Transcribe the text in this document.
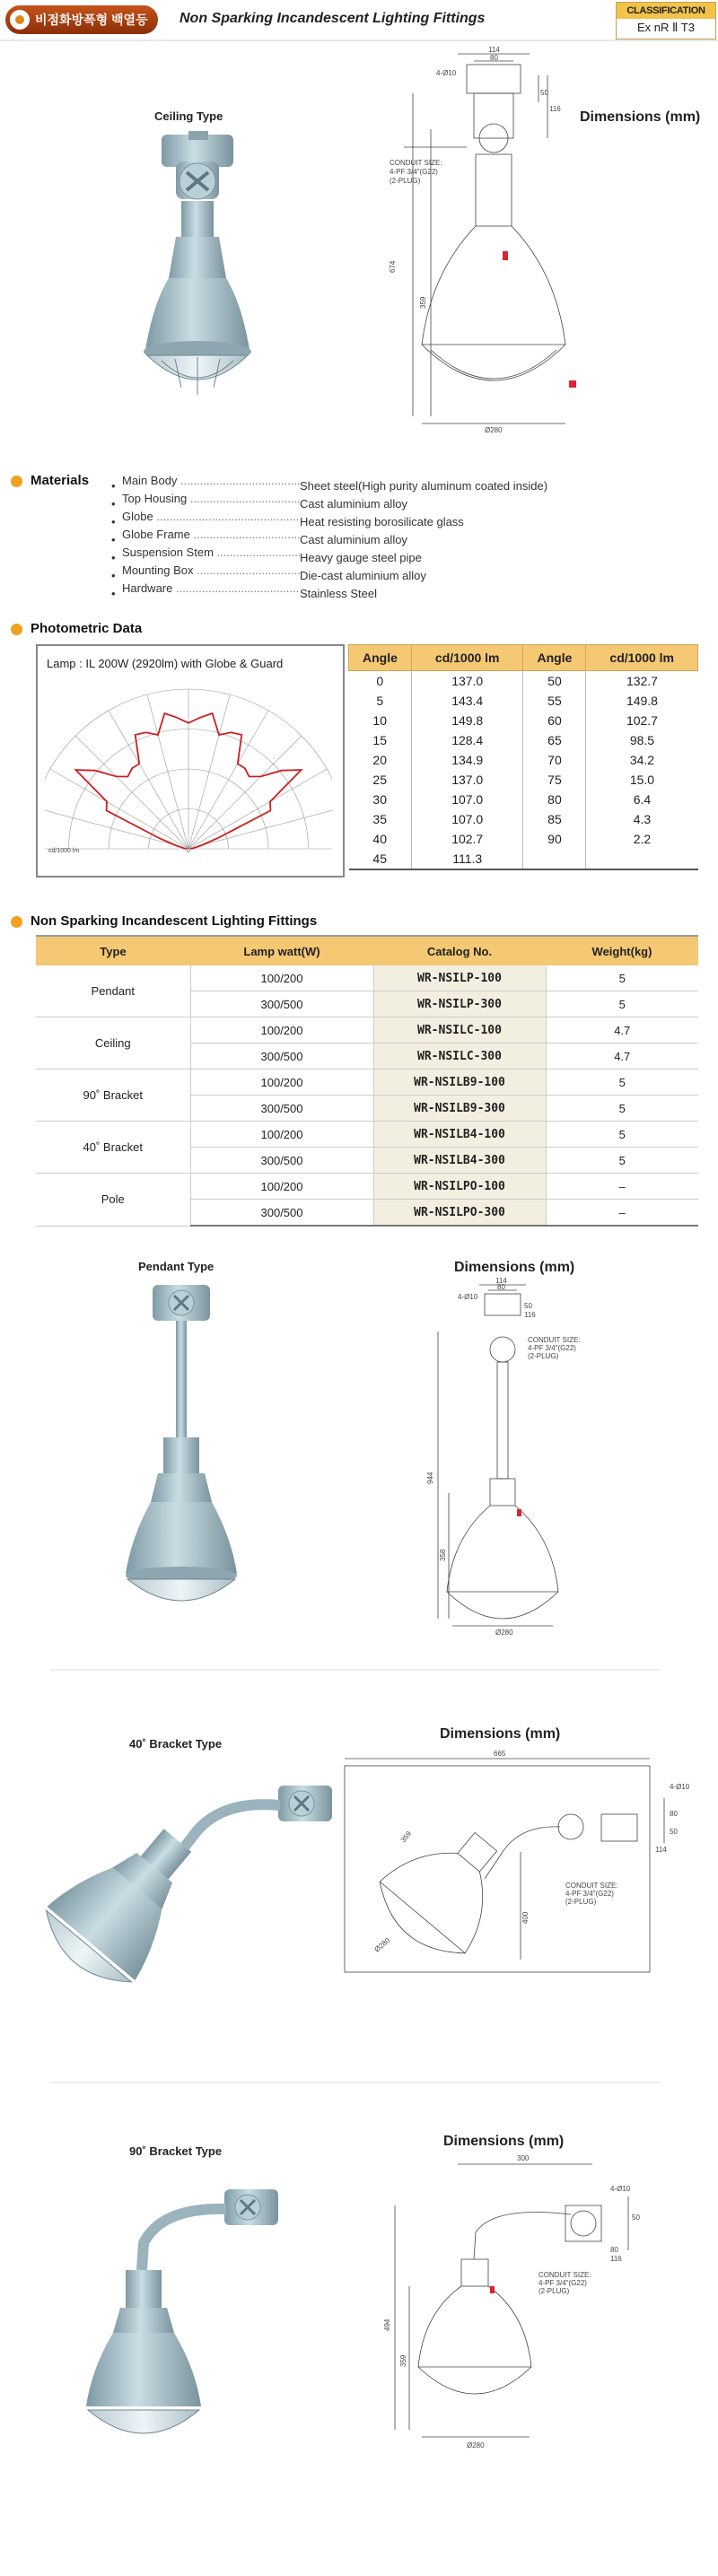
비점화방폭형 백열등 Non Sparking Incandescent Lighting Fittings	CLASSIFICATION
Ex nR Ⅱ T3
Ceiling Type	Dimensions (mm)
114
80
4-Ø10
50
116
674
359
Ø280
CONDUIT SIZE:
4-PF 3/4"(G22)
(2-PLUG)
Materials • Main Body .....	Sheet steel(High purity aluminum coated inside)
• Top Housing .....	Cast aluminium alloy
• Globe .....	Heat resisting borosilicate glass
• Globe Frame .....	Cast aluminium alloy
• Suspension Stem .....	Heavy gauge steel pipe
• Mounting Box .....	Die-cast aluminium alloy
• Hardware .....	Stainless Steel
Photometric Data
Lamp : IL 200W (2920lm) with Globe & Guard
cd/1000 lm	0
Angle	cd/1000 lm	Angle	cd/1000 lm
0	137.0	50	132.7
5	143.4	55	149.8
10	149.8	60	102.7
15	128.4	65	98.5
20	134.9	70	34.2
25	137.0	75	15.0
30	107.0	80	6.4
35	107.0	85	4.3
40	102.7	90	2.2
45	111.3		
Non Sparking Incandescent Lighting Fittings
Type	Lamp watt(W)	Catalog No.	Weight(kg)
Pendant	100/200	WR-NSILP-100	5
	300/500	WR-NSILP-300	5
Ceiling	100/200	WR-NSILC-100	4.7
	300/500	WR-NSILC-300	4.7
90˚ Bracket	100/200	WR-NSILB9-100	5
	300/500	WR-NSILB9-300	5
40˚ Bracket	100/200	WR-NSILB4-100	5
	300/500	WR-NSILB4-300	5
Pole	100/200	WR-NSILPO-100	–
	300/500	WR-NSILPO-300	–
Pendant Type	Dimensions (mm)
114
80
4-Ø10
50
116
944
358
Ø280
CONDUIT SIZE:
4-PF 3/4"(G22)
(2-PLUG)
40˚ Bracket Type
Dimensions (mm)
665
4-Ø10
80
114
50
400
359
Ø280
CONDUIT SIZE:
4-PF 3/4"(G22)
(2-PLUG)
90˚ Bracket Type
Dimensions (mm)
300
4-Ø10
50
80
116
494
359
Ø280
CONDUIT SIZE:
4-PF 3/4"(G22)
(2-PLUG)
